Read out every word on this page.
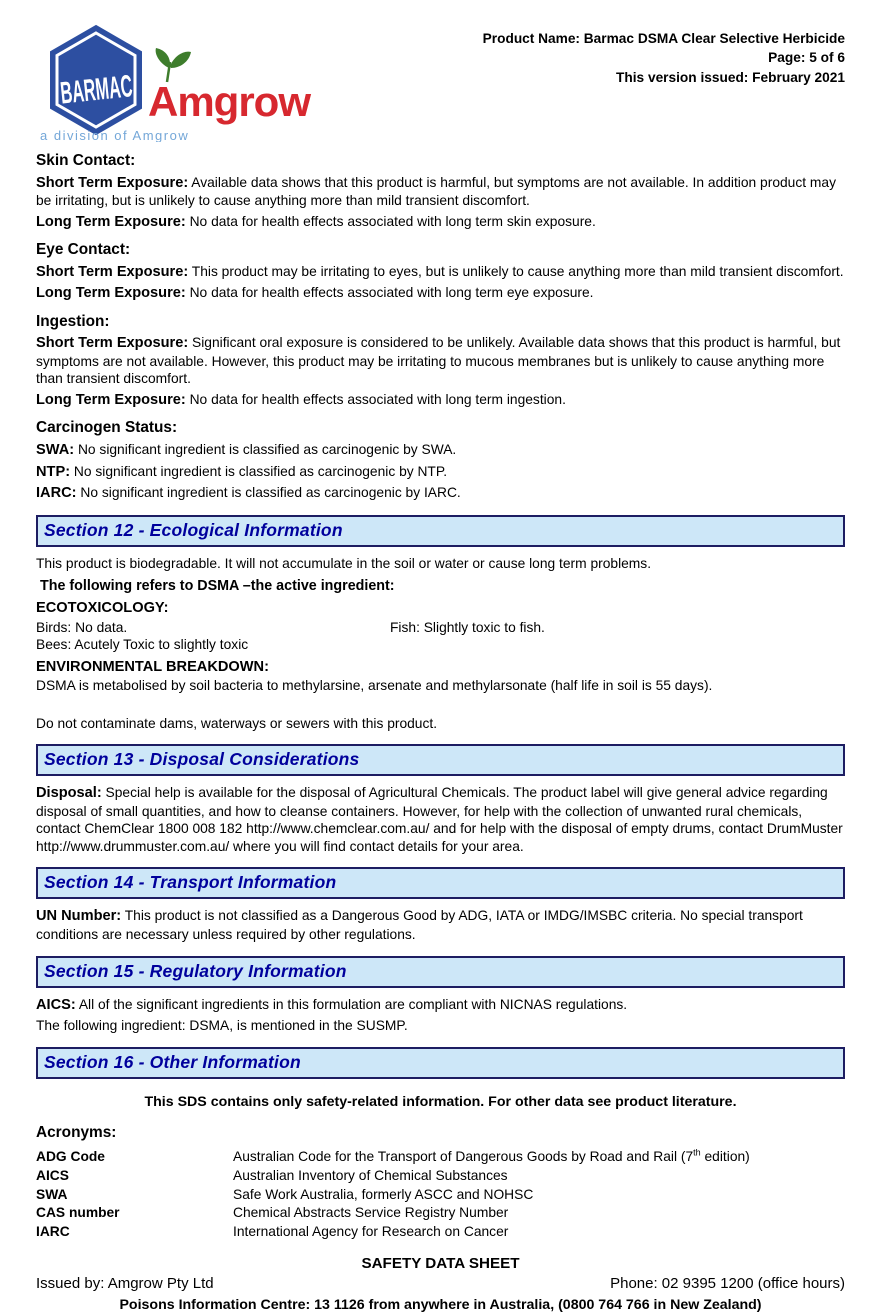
BARMAC
Amgrow
a division of Amgrow
Product Name: Barmac DSMA Clear Selective Herbicide
Page: 5 of 6
This version issued: February 2021
Skin Contact:

Short Term Exposure: Available data shows that this product is harmful, but symptoms are not available. In addition product may be irritating, but is unlikely to cause anything more than mild transient discomfort.

Long Term Exposure: No data for health effects associated with long term skin exposure.

Eye Contact:

Short Term Exposure: This product may be irritating to eyes, but is unlikely to cause anything more than mild transient discomfort.

Long Term Exposure: No data for health effects associated with long term eye exposure.

Ingestion:

Short Term Exposure: Significant oral exposure is considered to be unlikely. Available data shows that this product is harmful, but symptoms are not available. However, this product may be irritating to mucous membranes but is unlikely to cause anything more than transient discomfort.

Long Term Exposure: No data for health effects associated with long term ingestion.

Carcinogen Status:

SWA: No significant ingredient is classified as carcinogenic by SWA.

NTP: No significant ingredient is classified as carcinogenic by NTP.

IARC: No significant ingredient is classified as carcinogenic by IARC.

Section 12 - Ecological Information

This product is biodegradable. It will not accumulate in the soil or water or cause long term problems.

The following refers to DSMA –the active ingredient:
ECOTOXICOLOGY:
Birds: No data.	Fish: Slightly toxic to fish.
Bees: Acutely Toxic to slightly toxic
ENVIRONMENTAL BREAKDOWN:

DSMA is metabolised by soil bacteria to methylarsine, arsenate and methylarsonate (half life in soil is 55 days).

Do not contaminate dams, waterways or sewers with this product.

Section 13 - Disposal Considerations

Disposal: Special help is available for the disposal of Agricultural Chemicals. The product label will give general advice regarding disposal of small quantities, and how to cleanse containers. However, for help with the collection of unwanted rural chemicals, contact ChemClear 1800 008 182 http://www.chemclear.com.au/ and for help with the disposal of empty drums, contact DrumMuster http://www.drummuster.com.au/ where you will find contact details for your area.

Section 14 - Transport Information

UN Number: This product is not classified as a Dangerous Good by ADG, IATA or IMDG/IMSBC criteria. No special transport conditions are necessary unless required by other regulations.

Section 15 - Regulatory Information

AICS: All of the significant ingredients in this formulation are compliant with NICNAS regulations.

The following ingredient: DSMA, is mentioned in the SUSMP.

Section 16 - Other Information
This SDS contains only safety-related information. For other data see product literature.
Acronyms:
ADG Code	Australian Code for the Transport of Dangerous Goods by Road and Rail (7th edition)
AICS	Australian Inventory of Chemical Substances
SWA	Safe Work Australia, formerly ASCC and NOHSC
CAS number	Chemical Abstracts Service Registry Number
IARC	International Agency for Research on Cancer
SAFETY DATA SHEET
Issued by: Amgrow Pty Ltd	Phone: 02 9395 1200 (office hours)
Poisons Information Centre: 13 1126 from anywhere in Australia, (0800 764 766 in New Zealand)
